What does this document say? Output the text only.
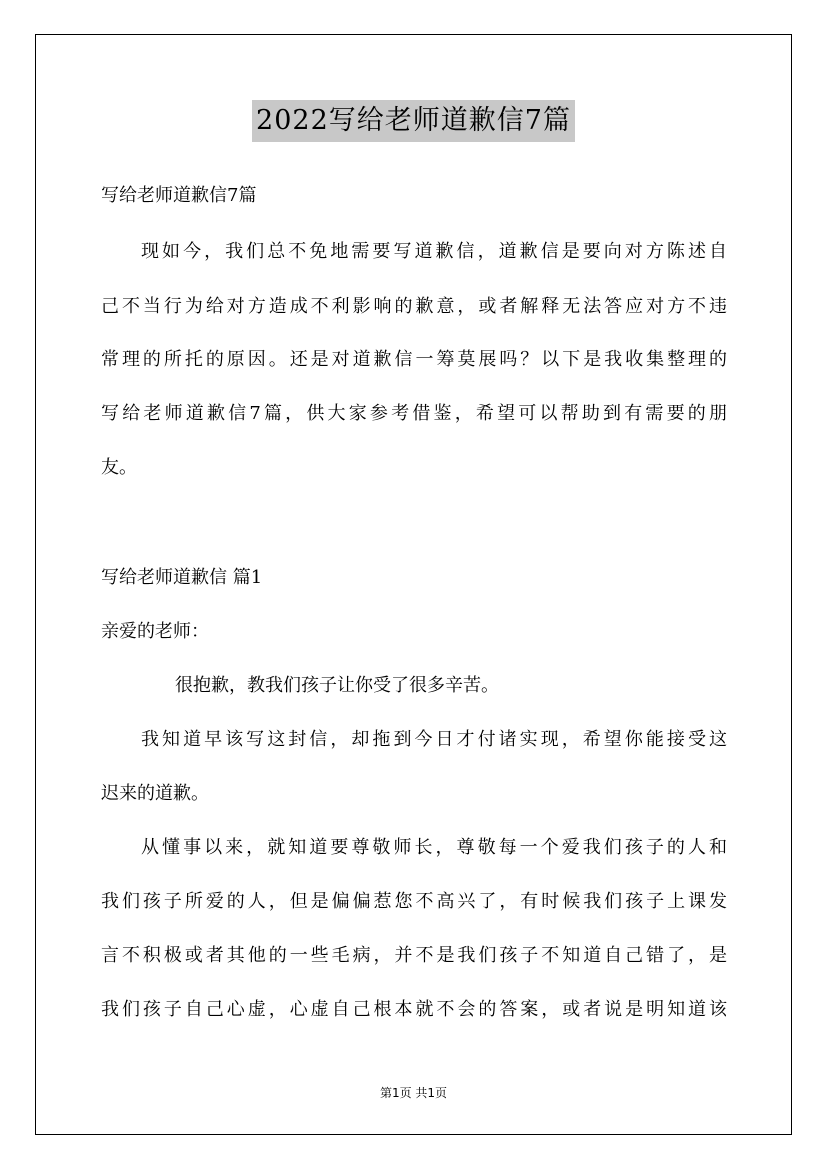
2022写给老师道歉信7篇
写给老师道歉信7篇
现如今，我们总不免地需要写道歉信，道歉信是要向对方陈述自
己不当行为给对方造成不利影响的歉意，或者解释无法答应对方不违
常理的所托的原因。还是对道歉信一筹莫展吗？以下是我收集整理的
写给老师道歉信7篇，供大家参考借鉴，希望可以帮助到有需要的朋
友。
写给老师道歉信 篇1
亲爱的老师：
很抱歉，教我们孩子让你受了很多辛苦。
我知道早该写这封信，却拖到今日才付诸实现，希望你能接受这
迟来的道歉。
从懂事以来，就知道要尊敬师长，尊敬每一个爱我们孩子的人和
我们孩子所爱的人，但是偏偏惹您不高兴了，有时候我们孩子上课发
言不积极或者其他的一些毛病，并不是我们孩子不知道自己错了，是
我们孩子自己心虚，心虚自己根本就不会的答案，或者说是明知道该
第1页 共1页
